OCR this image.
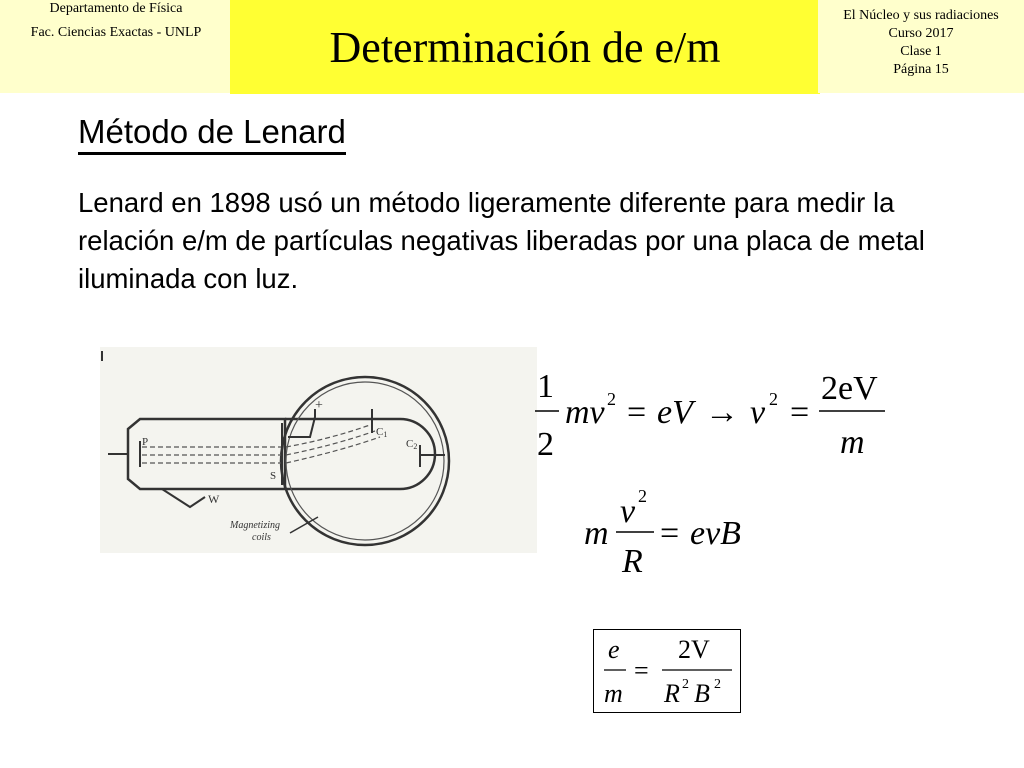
Departamento de Física
Fac. Ciencias Exactas - UNLP	Determinación de e/m
El Núcleo y sus radiaciones
Curso 2017
Clase 1
Página 15
Método de Lenard
Lenard en 1898 usó un método ligeramente diferente para medir la relación e/m de partículas negativas liberadas por una placa de metal iluminada con luz.
P
S
W
+
C1
C2
Magnetizing
coils
1
2
mv 2 = eV → v 2 =
2eV
m
m
v 2
R
= evB
e
m
=
2V
R 2 B 2
